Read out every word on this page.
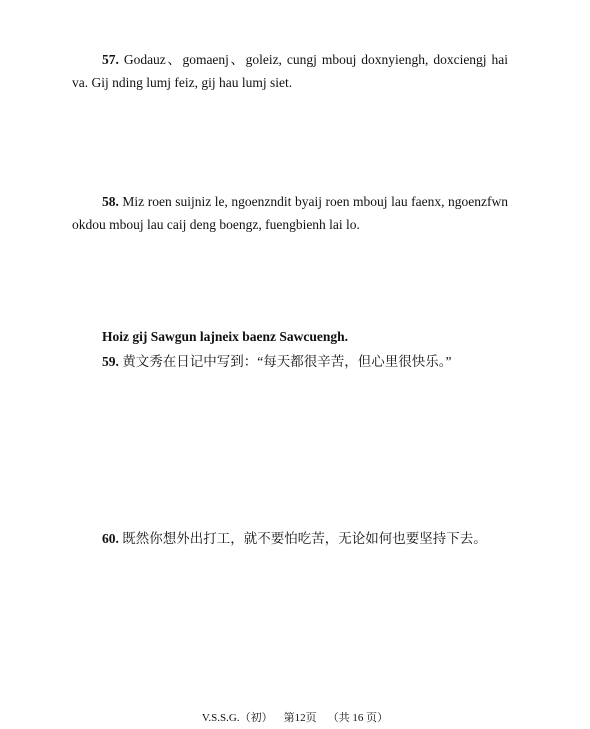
57. Godauz、gomaenj、goleiz, cungj mbouj doxnyiengh, doxciengj hai va. Gij nding lumj feiz, gij hau lumj siet.
58. Miz roen suijniz le, ngoenzndit byaij roen mbouj lau faenx, ngoenzfwn okdou mbouj lau caij deng boengz, fuengbienh lai lo.
Hoiz gij Sawgun lajneix baenz Sawcuengh.
59. 黄文秀在日记中写到：“每天都很辛苦，但心里很快乐。”
60. 既然你想外出打工，就不要怕吃苦，无论如何也要坚持下去。
V.S.S.G.（初）    第12页    （共 16 页）
